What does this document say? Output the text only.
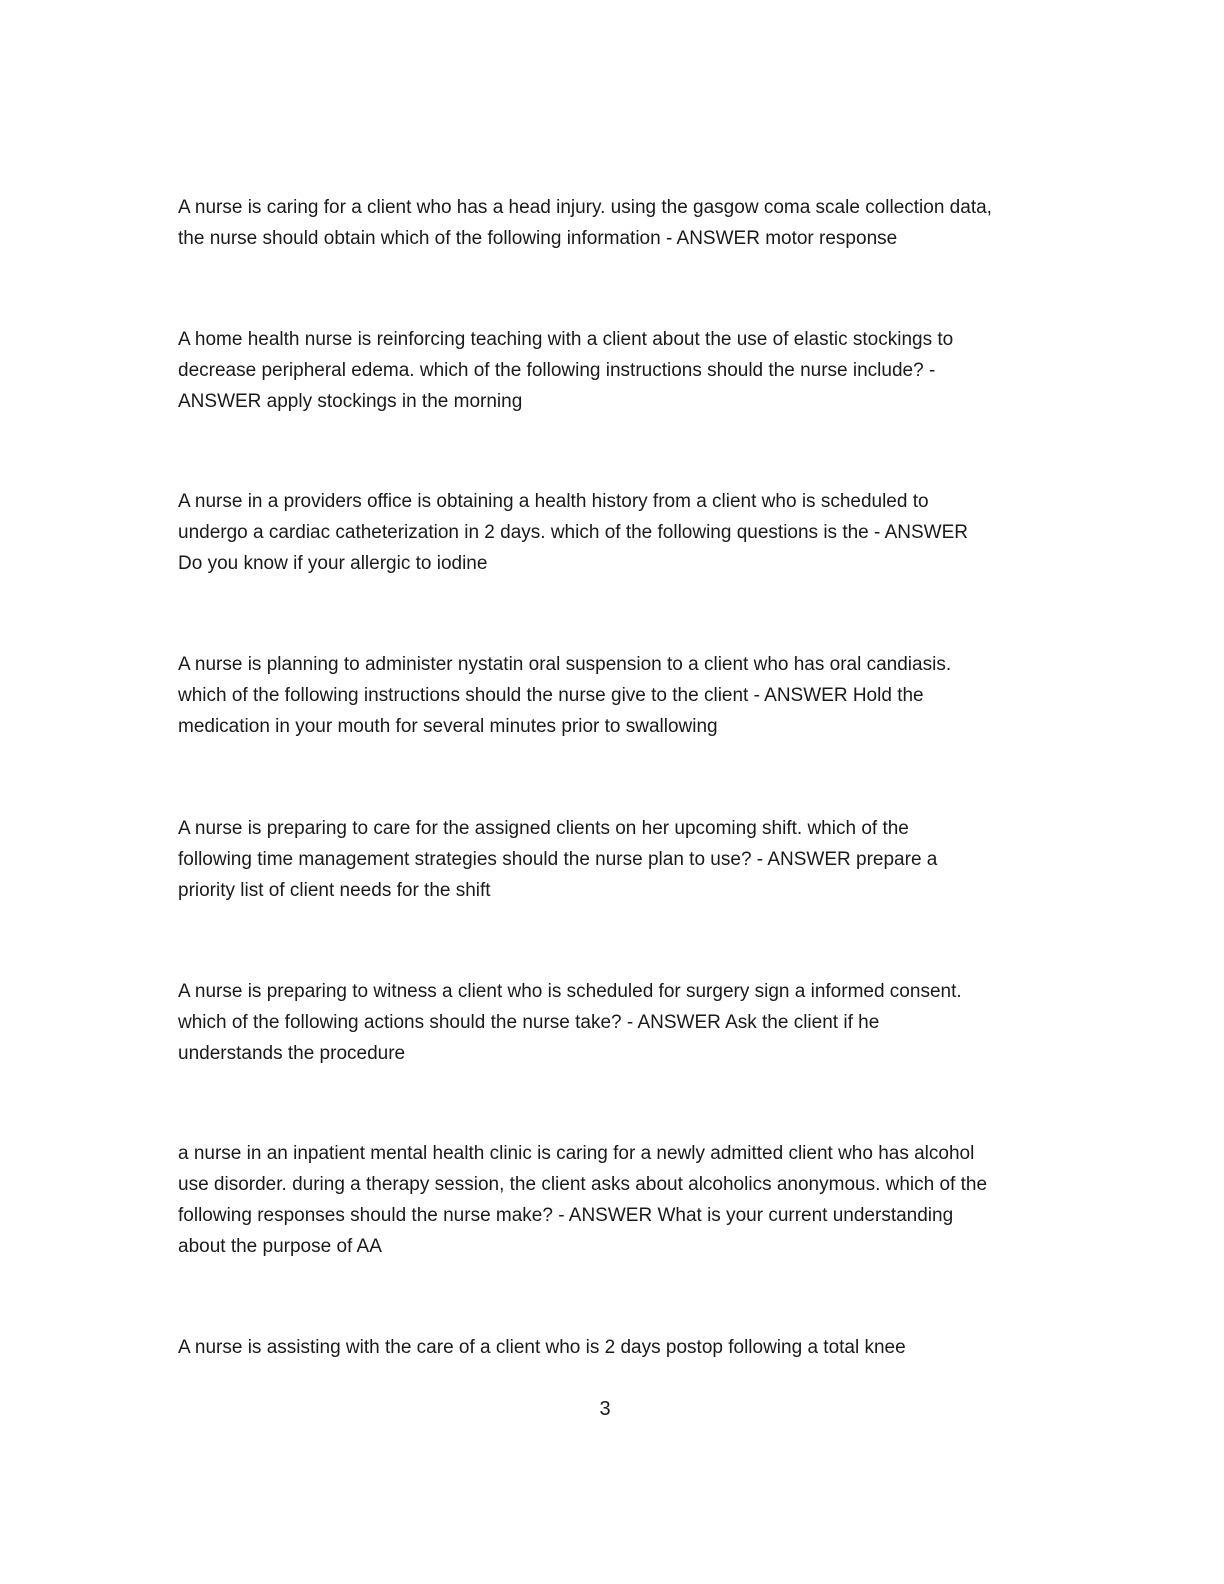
A nurse is caring for a client who has a head injury. using the gasgow coma scale collection data,
the nurse should obtain which of the following information - ANSWER motor response

A home health nurse is reinforcing teaching with a client about the use of elastic stockings to
decrease peripheral edema. which of the following instructions should the nurse include? -
ANSWER apply stockings in the morning

A nurse in a providers office is obtaining a health history from a client who is scheduled to
undergo a cardiac catheterization in 2 days. which of the following questions is the - ANSWER
Do you know if your allergic to iodine

A nurse is planning to administer nystatin oral suspension to a client who has oral candiasis.
which of the following instructions should the nurse give to the client - ANSWER Hold the
medication in your mouth for several minutes prior to swallowing

A nurse is preparing to care for the assigned clients on her upcoming shift. which of the
following time management strategies should the nurse plan to use? - ANSWER prepare a
priority list of client needs for the shift

A nurse is preparing to witness a client who is scheduled for surgery sign a informed consent.
which of the following actions should the nurse take? - ANSWER Ask the client if he
understands the procedure

a nurse in an inpatient mental health clinic is caring for a newly admitted client who has alcohol
use disorder. during a therapy session, the client asks about alcoholics anonymous. which of the
following responses should the nurse make? - ANSWER What is your current understanding
about the purpose of AA

A nurse is assisting with the care of a client who is 2 days postop following a total knee

3
